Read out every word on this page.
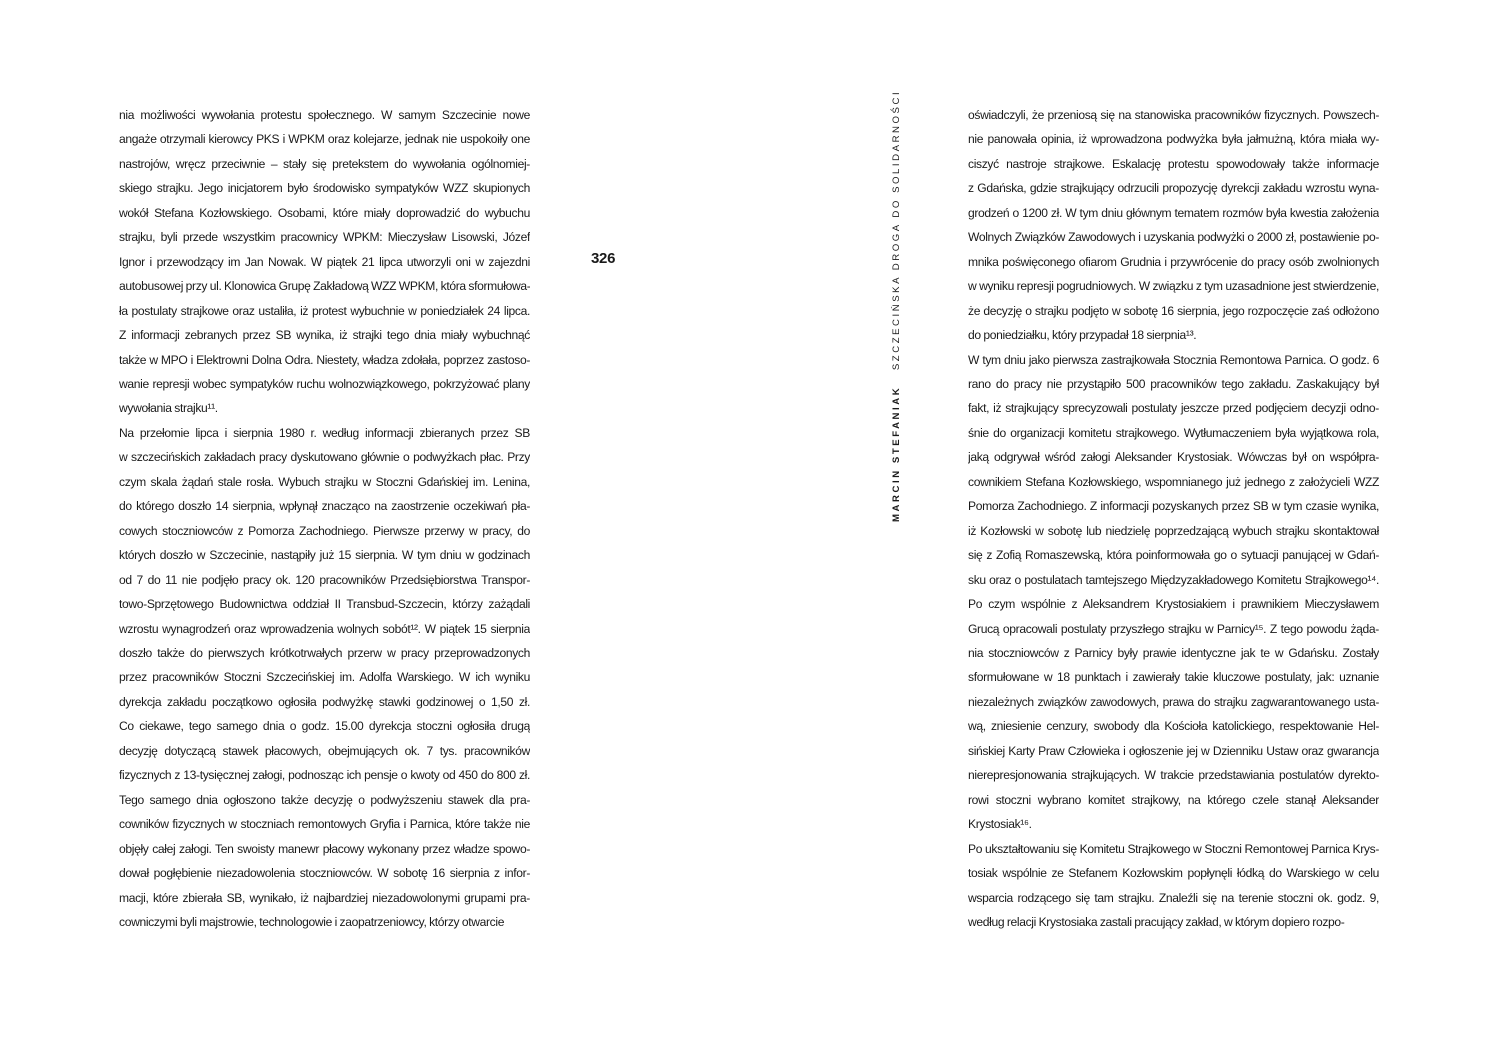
nia możliwości wywołania protestu społecznego. W samym Szczecinie nowe
angaże otrzymali kierowcy PKS i WPKM oraz kolejarze, jednak nie uspokoiły one
nastrojów, wręcz przeciwnie – stały się pretekstem do wywołania ogólnomiej-
skiego strajku. Jego inicjatorem było środowisko sympatyków WZZ skupionych
wokół Stefana Kozłowskiego. Osobami, które miały doprowadzić do wybuchu
strajku, byli przede wszystkim pracownicy WPKM: Mieczysław Lisowski, Józef
Ignor i przewodzący im Jan Nowak. W piątek 21 lipca utworzyli oni w zajezdni
autobusowej przy ul. Klonowica Grupę Zakładową WZZ WPKM, która sformułowa-
ła postulaty strajkowe oraz ustaliła, iż protest wybuchnie w poniedziałek 24 lipca.
Z informacji zebranych przez SB wynika, iż strajki tego dnia miały wybuchnąć
także w MPO i Elektrowni Dolna Odra. Niestety, władza zdołała, poprzez zastoso-
wanie represji wobec sympatyków ruchu wolnozwiązkowego, pokrzyżować plany
wywołania strajku¹¹.
Na przełomie lipca i sierpnia 1980 r. według informacji zbieranych przez SB
w szczecińskich zakładach pracy dyskutowano głównie o podwyżkach płac. Przy
czym skala żądań stale rosła. Wybuch strajku w Stoczni Gdańskiej im. Lenina,
do którego doszło 14 sierpnia, wpłynął znacząco na zaostrzenie oczekiwań pła-
cowych stoczniowców z Pomorza Zachodniego. Pierwsze przerwy w pracy, do
których doszło w Szczecinie, nastąpiły już 15 sierpnia. W tym dniu w godzinach
od 7 do 11 nie podjęło pracy ok. 120 pracowników Przedsiębiorstwa Transpor-
towo-Sprzętowego Budownictwa oddział II Transbud-Szczecin, którzy zażądali
wzrostu wynagrodzeń oraz wprowadzenia wolnych sobót¹². W piątek 15 sierpnia
doszło także do pierwszych krótkotrwałych przerw w pracy przeprowadzonych
przez pracowników Stoczni Szczecińskiej im. Adolfa Warskiego. W ich wyniku
dyrekcja zakładu początkowo ogłosiła podwyżkę stawki godzinowej o 1,50 zł.
Co ciekawe, tego samego dnia o godz. 15.00 dyrekcja stoczni ogłosiła drugą
decyzję dotyczącą stawek płacowych, obejmujących ok. 7 tys. pracowników
fizycznych z 13-tysięcznej załogi, podnosząc ich pensje o kwoty od 450 do 800 zł.
Tego samego dnia ogłoszono także decyzję o podwyższeniu stawek dla pra-
cowników fizycznych w stoczniach remontowych Gryfia i Parnica, które także nie
objęły całej załogi. Ten swoisty manewr płacowy wykonany przez władze spowo-
dował pogłębienie niezadowolenia stoczniowców. W sobotę 16 sierpnia z infor-
macji, które zbierała SB, wynikało, iż najbardziej niezadowolonymi grupami pra-
cowniczymi byli majstrowie, technologowie i zaopatrzeniowcy, którzy otwarcie
326
MARCIN STEFANIAK   SZCZECIŃSKA DROGA DO SOLIDARNOŚCI	oświadczyli, że przeniosą się na stanowiska pracowników fizycznych. Powszech-
nie panowała opinia, iż wprowadzona podwyżka była jałmużną, która miała wy-
ciszyć nastroje strajkowe. Eskalację protestu spowodowały także informacje
z Gdańska, gdzie strajkujący odrzucili propozycję dyrekcji zakładu wzrostu wyna-
grodzeń o 1200 zł. W tym dniu głównym tematem rozmów była kwestia założenia
Wolnych Związków Zawodowych i uzyskania podwyżki o 2000 zł, postawienie po-
mnika poświęconego ofiarom Grudnia i przywrócenie do pracy osób zwolnionych
w wyniku represji pogrudniowych. W związku z tym uzasadnione jest stwierdzenie,
że decyzję o strajku podjęto w sobotę 16 sierpnia, jego rozpoczęcie zaś odłożono
do poniedziałku, który przypadał 18 sierpnia¹³.
W tym dniu jako pierwsza zastrajkowała Stocznia Remontowa Parnica. O godz. 6
rano do pracy nie przystąpiło 500 pracowników tego zakładu. Zaskakujący był
fakt, iż strajkujący sprecyzowali postulaty jeszcze przed podjęciem decyzji odno-
śnie do organizacji komitetu strajkowego. Wytłumaczeniem była wyjątkowa rola,
jaką odgrywał wśród załogi Aleksander Krystosiak. Wówczas był on współpra-
cownikiem Stefana Kozłowskiego, wspomnianego już jednego z założycieli WZZ
Pomorza Zachodniego. Z informacji pozyskanych przez SB w tym czasie wynika,
iż Kozłowski w sobotę lub niedzielę poprzedzającą wybuch strajku skontaktował
się z Zofią Romaszewską, która poinformowała go o sytuacji panującej w Gdań-
sku oraz o postulatach tamtejszego Międzyzakładowego Komitetu Strajkowego¹⁴.
Po czym wspólnie z Aleksandrem Krystosiakiem i prawnikiem Mieczysławem
Grucą opracowali postulaty przyszłego strajku w Parnicy¹⁵. Z tego powodu żąda-
nia stoczniowców z Parnicy były prawie identyczne jak te w Gdańsku. Zostały
sformułowane w 18 punktach i zawierały takie kluczowe postulaty, jak: uznanie
niezależnych związków zawodowych, prawa do strajku zagwarantowanego usta-
wą, zniesienie cenzury, swobody dla Kościoła katolickiego, respektowanie Hel-
sińskiej Karty Praw Człowieka i ogłoszenie jej w Dzienniku Ustaw oraz gwarancja
nierepresjonowania strajkujących. W trakcie przedstawiania postulatów dyrekto-
rowi stoczni wybrano komitet strajkowy, na którego czele stanął Aleksander
Krystosiak¹⁶.
Po ukształtowaniu się Komitetu Strajkowego w Stoczni Remontowej Parnica Krys-
tosiak wspólnie ze Stefanem Kozłowskim popłynęli łódką do Warskiego w celu
wsparcia rodzącego się tam strajku. Znaleźli się na terenie stoczni ok. godz. 9,
według relacji Krystosiaka zastali pracujący zakład, w którym dopiero rozpo-
